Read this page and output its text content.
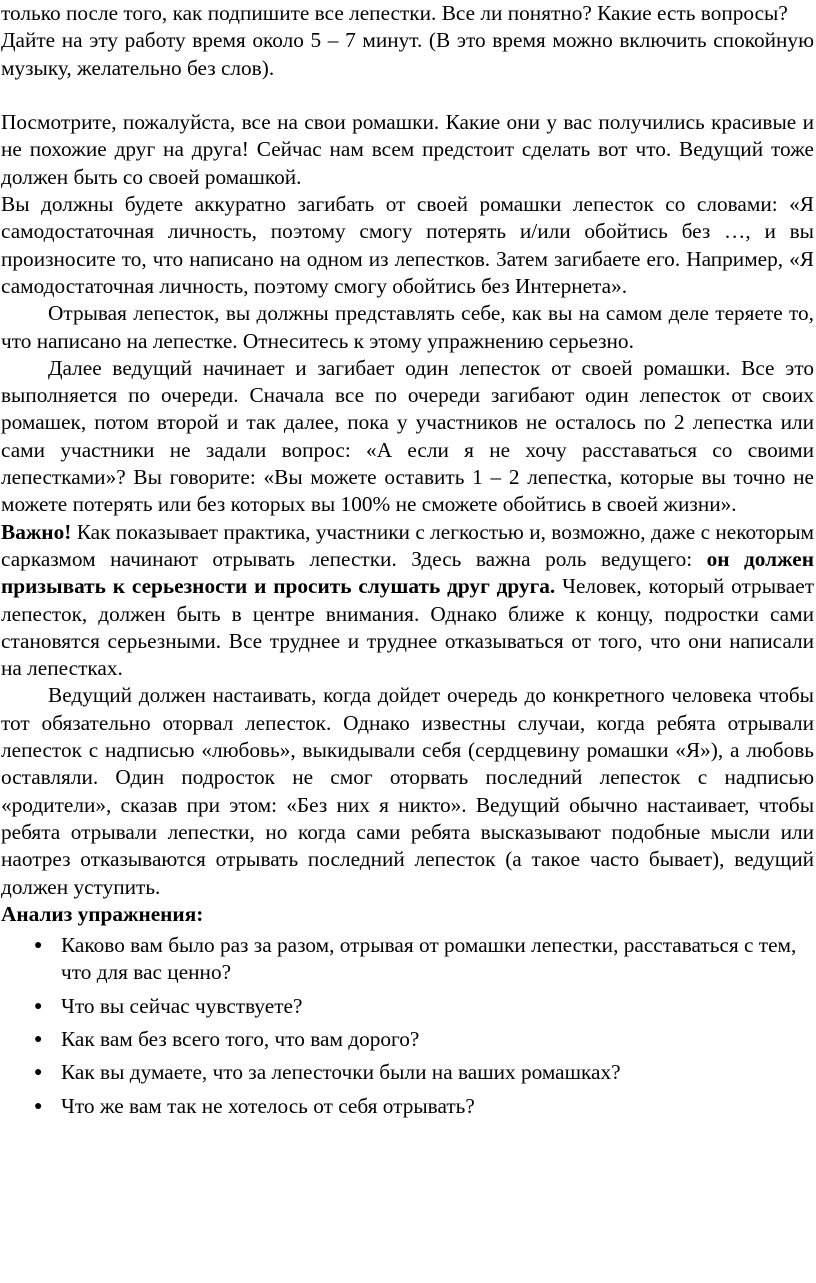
только после того, как подпишите все лепестки. Все ли понятно? Какие есть вопросы?

Дайте на эту работу время около 5 – 7 минут. (В это время можно включить спокойную музыку, желательно без слов).

Посмотрите, пожалуйста, все на свои ромашки. Какие они у вас получились красивые и не похожие друг на друга! Сейчас нам всем предстоит сделать вот что. Ведущий тоже должен быть со своей ромашкой.

Вы должны будете аккуратно загибать от своей ромашки лепесток со словами: «Я самодостаточная личность, поэтому смогу потерять и/или обойтись без …, и вы произносите то, что написано на одном из лепестков. Затем загибаете его. Например, «Я самодостаточная личность, поэтому смогу обойтись без Интернета».

Отрывая лепесток, вы должны представлять себе, как вы на самом деле теряете то, что написано на лепестке. Отнеситесь к этому упражнению серьезно.

Далее ведущий начинает и загибает один лепесток от своей ромашки. Все это выполняется по очереди. Сначала все по очереди загибают один лепесток от своих ромашек, потом второй и так далее, пока у участников не осталось по 2 лепестка или сами участники не задали вопрос: «А если я не хочу расставаться со своими лепестками»? Вы говорите: «Вы можете оставить 1 – 2 лепестка, которые вы точно не можете потерять или без которых вы 100% не сможете обойтись в своей жизни».

Важно! Как показывает практика, участники с легкостью и, возможно, даже с некоторым сарказмом начинают отрывать лепестки. Здесь важна роль ведущего: он должен призывать к серьезности и просить слушать друг друга. Человек, который отрывает лепесток, должен быть в центре внимания. Однако ближе к концу, подростки сами становятся серьезными. Все труднее и труднее отказываться от того, что они написали на лепестках.

Ведущий должен настаивать, когда дойдет очередь до конкретного человека чтобы тот обязательно оторвал лепесток. Однако известны случаи, когда ребята отрывали лепесток с надписью «любовь», выкидывали себя (сердцевину ромашки «Я»), а любовь оставляли. Один подросток не смог оторвать последний лепесток с надписью «родители», сказав при этом: «Без них я никто». Ведущий обычно настаивает, чтобы ребята отрывали лепестки, но когда сами ребята высказывают подобные мысли или наотрез отказываются отрывать последний лепесток (а такое часто бывает), ведущий должен уступить.

Анализ упражнения:

● Каково вам было раз за разом, отрывая от ромашки лепестки, расставаться с тем, что для вас ценно?
● Что вы сейчас чувствуете?
● Как вам без всего того, что вам дорого?
● Как вы думаете, что за лепесточки были на ваших ромашках?
● Что же вам так не хотелось от себя отрывать?
